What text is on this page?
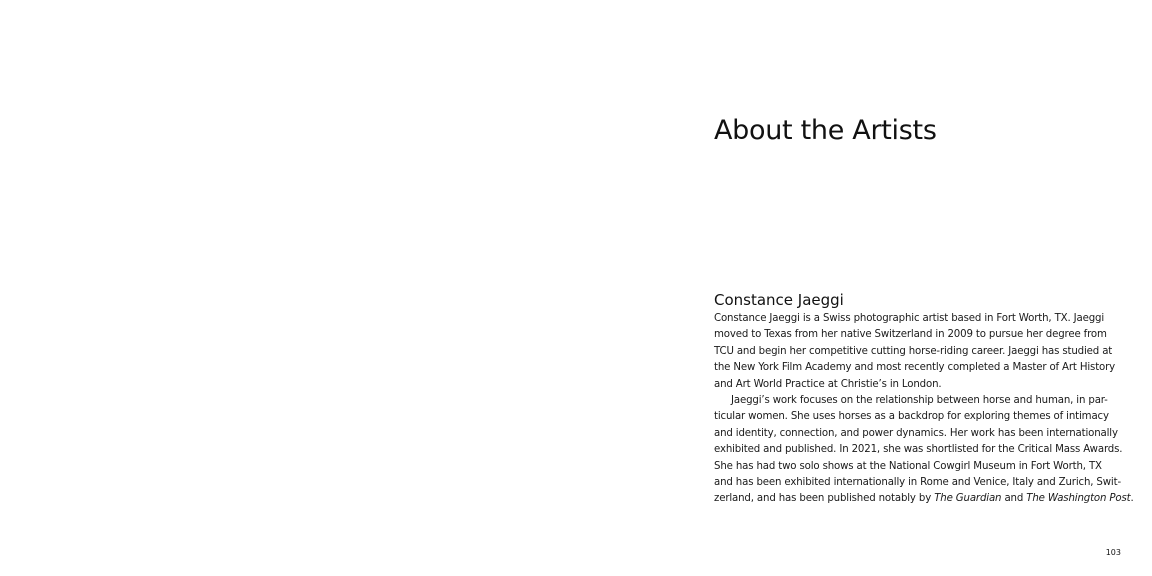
About the Artists
Constance Jaeggi

Constance Jaeggi is a Swiss photographic artist based in Fort Worth, TX. Jaeggi
moved to Texas from her native Switzerland in 2009 to pursue her degree from
TCU and begin her competitive cutting horse-riding career. Jaeggi has studied at
the New York Film Academy and most recently completed a Master of Art History
and Art World Practice at Christie’s in London.
Jaeggi’s work focuses on the relationship between horse and human, in par-
ticular women. She uses horses as a backdrop for exploring themes of intimacy
and identity, connection, and power dynamics. Her work has been internationally
exhibited and published. In 2021, she was shortlisted for the Critical Mass Awards.
She has had two solo shows at the National Cowgirl Museum in Fort Worth, TX
and has been exhibited internationally in Rome and Venice, Italy and Zurich, Swit-
zerland, and has been published notably by The Guardian and The Washington Post.

103
